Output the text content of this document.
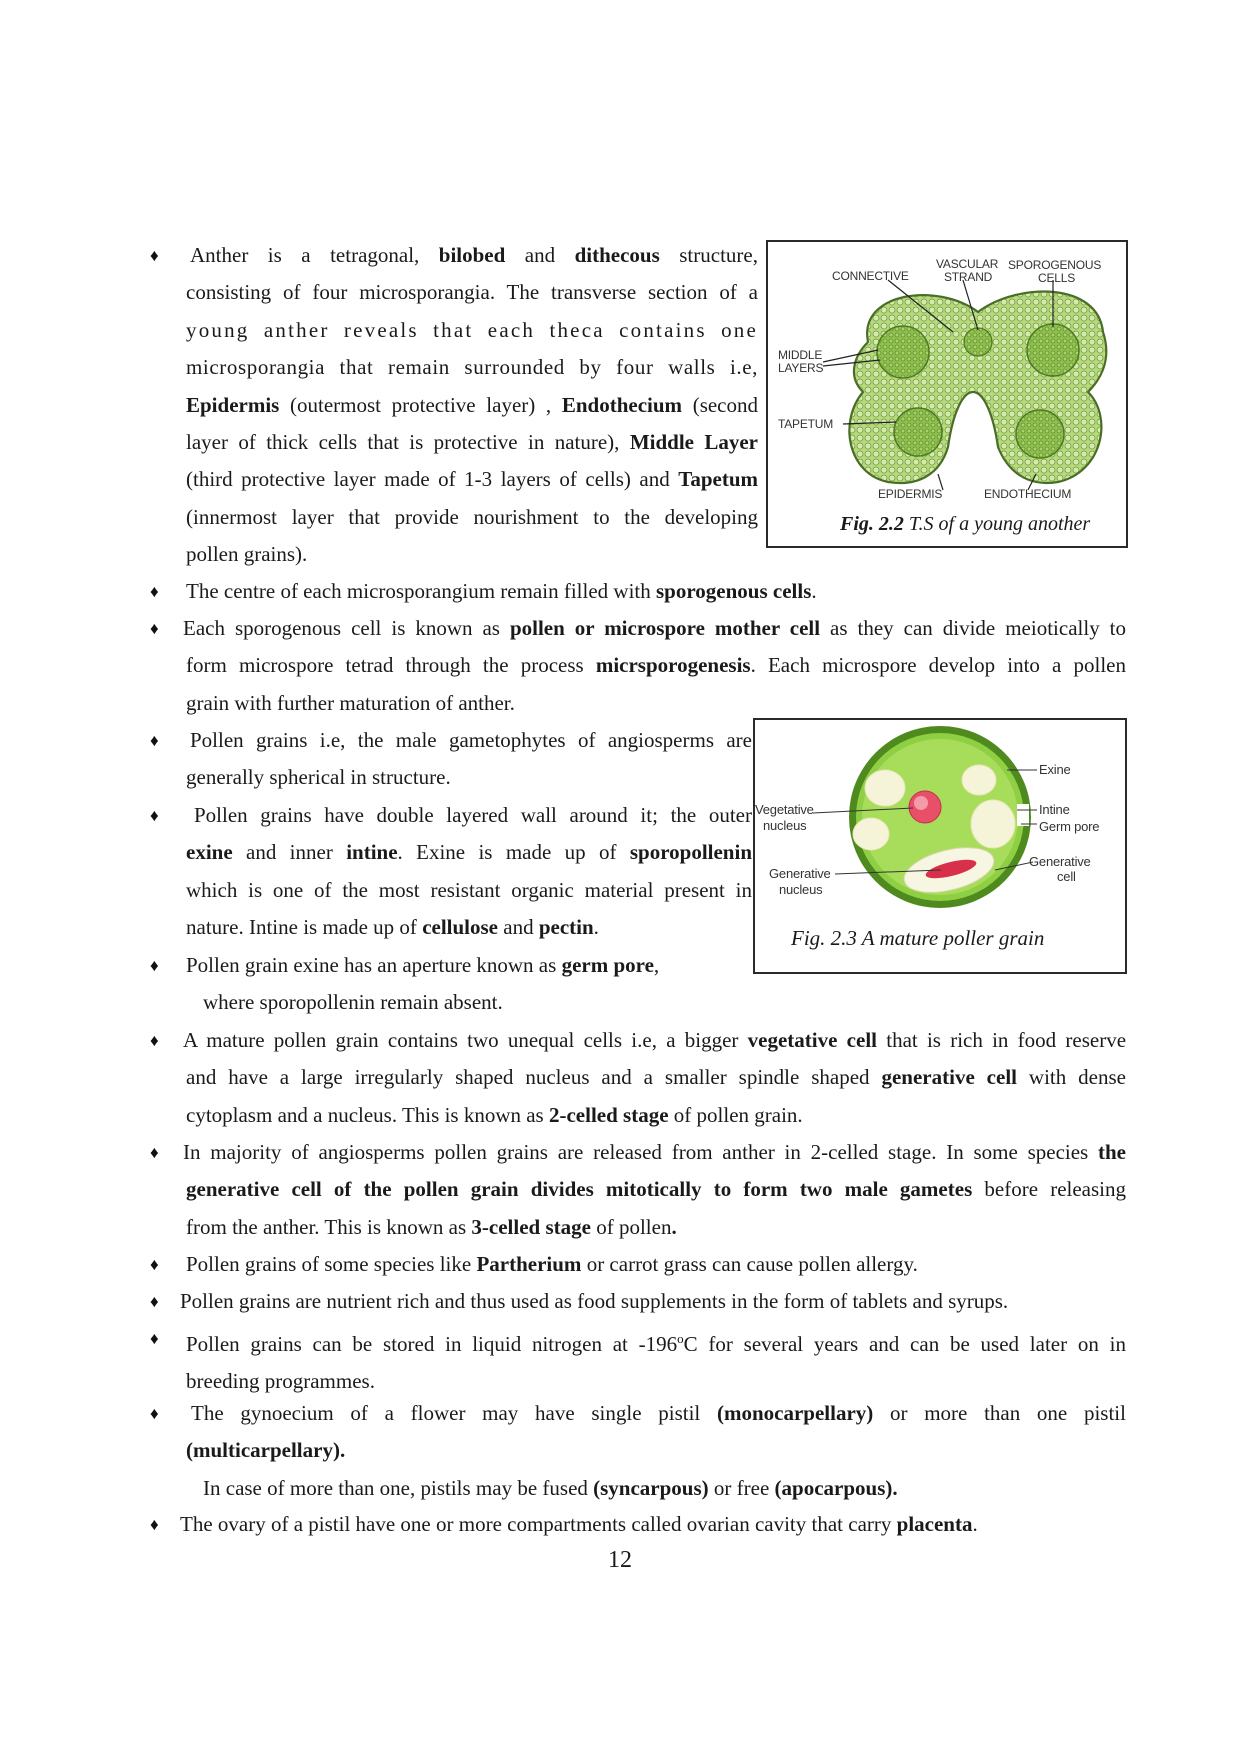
♦ Anther is a tetragonal, bilobed and dithecous structure,
consisting of four microsporangia. The transverse section of a
young anther reveals that each theca contains one
microsporangia that remain surrounded by four walls i.e,
Epidermis (outermost protective layer) , Endothecium (second
layer of thick cells that is protective in nature), Middle Layer
(third protective layer made of 1-3 layers of cells) and Tapetum
(innermost layer that provide nourishment to the developing
pollen grains).
CONNECTIVE
VASCULAR
STRAND
SPOROGENOUS
CELLS
MIDDLE
LAYERS
TAPETUM
EPIDERMIS	ENDOTHECIUM
Fig. 2.2 T.S of a young another
♦ The centre of each microsporangium remain filled with sporogenous cells.
♦ Each sporogenous cell is known as pollen or microspore mother cell as they can divide meiotically to
form microspore tetrad through the process micrsporogenesis. Each microspore develop into a pollen
grain with further maturation of anther.
♦ Pollen grains i.e, the male gametophytes of angiosperms are
generally spherical in structure.
♦	Pollen grains have double layered wall around it; the outer
exine and inner intine. Exine is made up of sporopollenin
which is one of the most resistant organic material present in
nature. Intine is made up of cellulose and pectin.
Exine
Intine
Germ pore
Generative
cell
Vegetative
nucleus
Generative
nucleus
Fig. 2.3 A mature poller grain
♦ Pollen grain exine has an aperture known as germ pore,
where sporopollenin remain absent.
♦ A mature pollen grain contains two unequal cells i.e, a bigger vegetative cell that is rich in food reserve
and have a large irregularly shaped nucleus and a smaller spindle shaped generative cell with dense
cytoplasm and a nucleus. This is known as 2-celled stage of pollen grain.
♦ In majority of angiosperms pollen grains are released from anther in 2-celled stage. In some species the
generative cell of the pollen grain divides mitotically to form two male gametes before releasing
from the anther. This is known as 3-celled stage of pollen.
♦ Pollen grains of some species like Partherium or carrot grass can cause pollen allergy.
♦ Pollen grains are nutrient rich and thus used as food supplements in the form of tablets and syrups.
♦ Pollen grains can be stored in liquid nitrogen at -196$^o$C for several years and can be used later on in
breeding programmes.
♦ The gynoecium of a flower may have single pistil (monocarpellary) or more than one pistil
(multicarpellary).
In case of more than one, pistils may be fused (syncarpous) or free (apocarpous).
♦ The ovary of a pistil have one or more compartments called ovarian cavity that carry placenta.
12
